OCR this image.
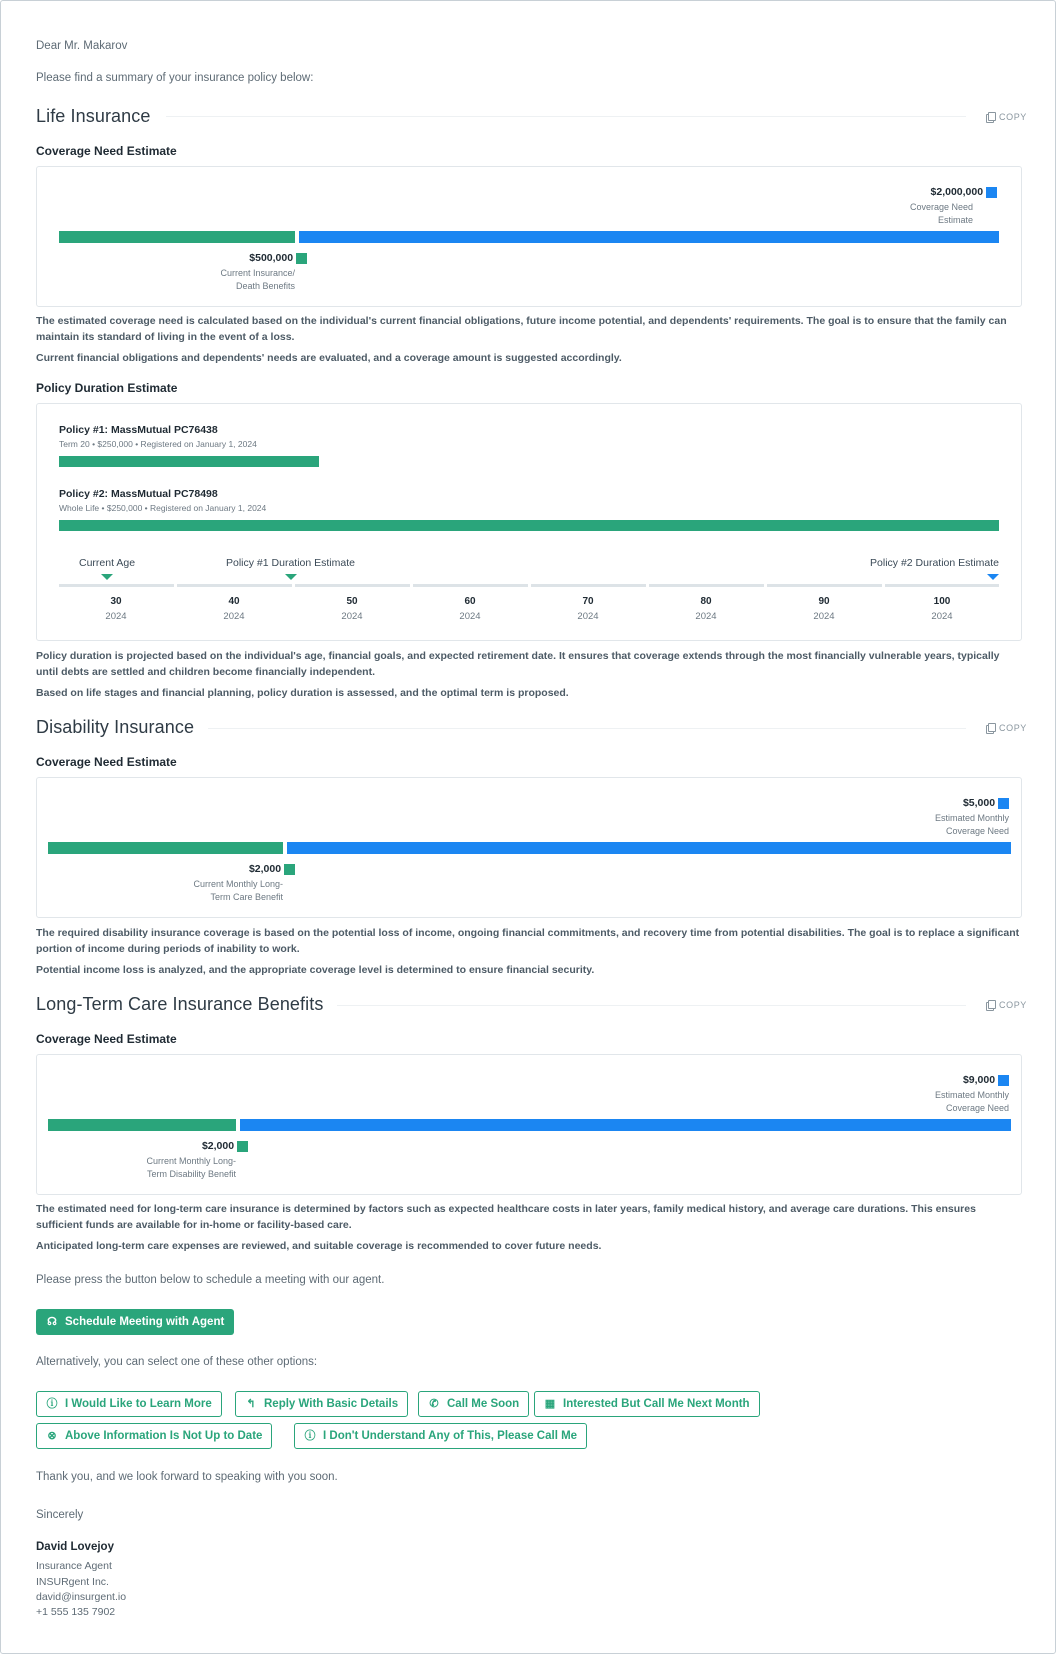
Dear Mr. Makarov
Please find a summary of your insurance policy below:
Life Insurance	COPY
Coverage Need Estimate
$2,000,000
Coverage Need
Estimate
$500,000
Current Insurance/
Death Benefits
The estimated coverage need is calculated based on the individual's current financial obligations, future income potential, and dependents' requirements. The goal is to ensure that the family can maintain its standard of living in the event of a loss.
Current financial obligations and dependents' needs are evaluated, and a coverage amount is suggested accordingly.
Policy Duration Estimate
Policy #1: MassMutual PC76438
Term 20 • $250,000 • Registered on January 1, 2024
Policy #2: MassMutual PC78498
Whole Life • $250,000 • Registered on January 1, 2024
Current Age	Policy #1 Duration Estimate	Policy #2 Duration Estimate
30
2024
40
2024
50
2024
60
2024
70
2024
80
2024
90
2024
100
2024
Policy duration is projected based on the individual's age, financial goals, and expected retirement date. It ensures that coverage extends through the most financially vulnerable years, typically until debts are settled and children become financially independent.
Based on life stages and financial planning, policy duration is assessed, and the optimal term is proposed.
Disability Insurance	COPY
Coverage Need Estimate
$5,000
Estimated Monthly
Coverage Need
$2,000
Current Monthly Long-
Term Care Benefit
The required disability insurance coverage is based on the potential loss of income, ongoing financial commitments, and recovery time from potential disabilities. The goal is to replace a significant portion of income during periods of inability to work.
Potential income loss is analyzed, and the appropriate coverage level is determined to ensure financial security.
Long-Term Care Insurance Benefits	COPY
Coverage Need Estimate
$9,000
Estimated Monthly
Coverage Need
$2,000
Current Monthly Long-
Term Disability Benefit
The estimated need for long-term care insurance is determined by factors such as expected healthcare costs in later years, family medical history, and average care durations. This ensures sufficient funds are available for in-home or facility-based care.
Anticipated long-term care expenses are reviewed, and suitable coverage is recommended to cover future needs.
Please press the button below to schedule a meeting with our agent.
☊ Schedule Meeting with Agent
Alternatively, you can select one of these other options:
ⓘ I Would Like to Learn More	↰ Reply With Basic Details	✆ Call Me Soon ▦ Interested But Call Me Next Month
⊗ Above Information Is Not Up to Date	ⓘ I Don't Understand Any of This, Please Call Me
Thank you, and we look forward to speaking with you soon.
Sincerely
David Lovejoy
Insurance Agent
INSURgent Inc.
david@insurgent.io
+1 555 135 7902
